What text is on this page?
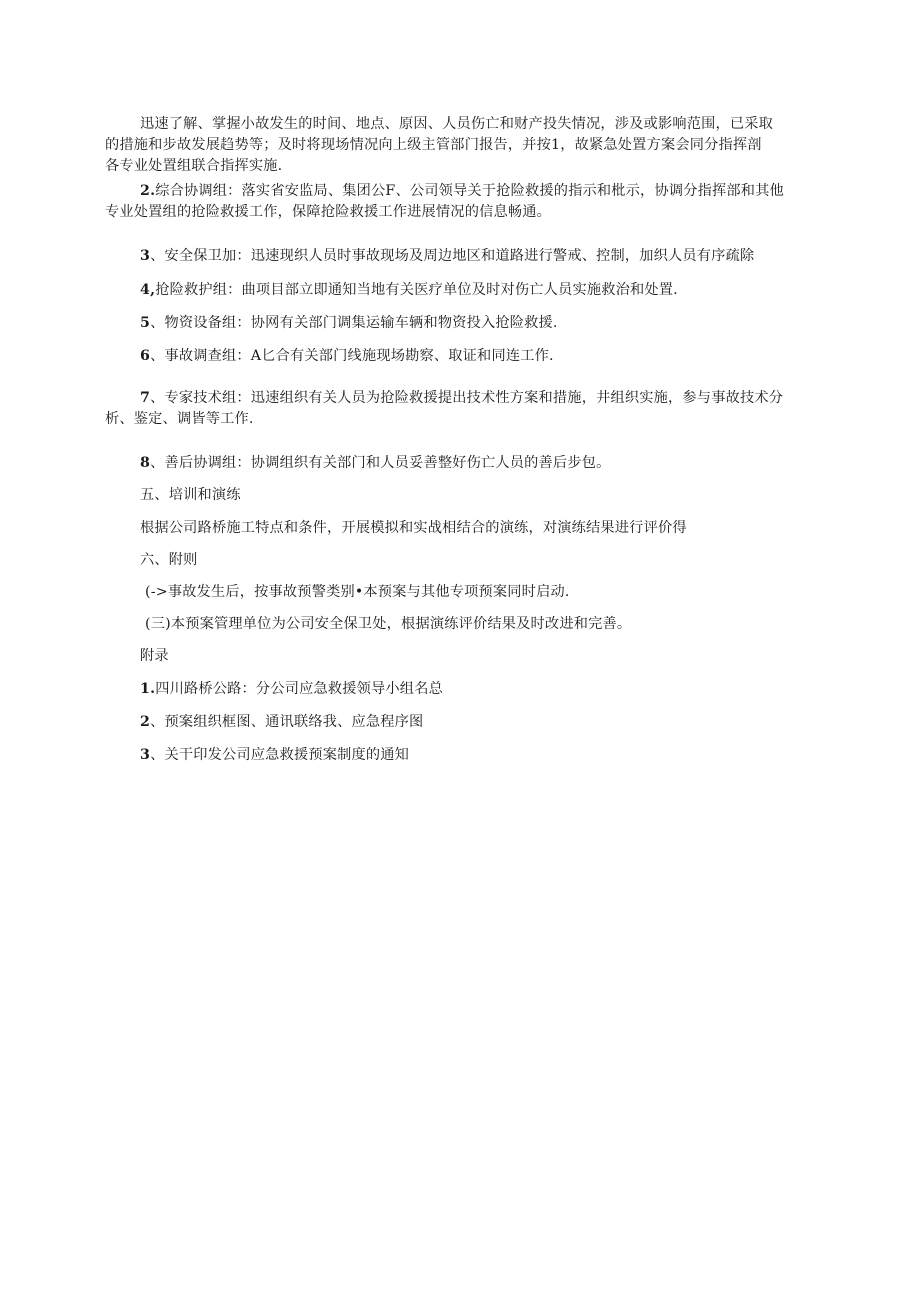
迅速了解、掌握小故发生的时间、地点、原因、人员伤亡和财产投失情况，涉及或影响范围，已采取
的措施和步故发展趋势等；及时将现场情况向上级主管部门报告，并按1，故紧急处置方案会同分指挥剖
各专业处置组联合指挥实施.
2.综合协调组：落实省安监局、集团公F、公司领导关于抢险救援的指示和枇示，协调分指挥部和其他
专业处置组的抢险救援工作，保障抢险救援工作进展情况的信息畅通。
3、安全保卫加：迅速现织人员时事故现场及周边地区和道路进行警戒、控制，加织人员有序疏除
4,抢险救护组：曲项目部立即通知当地有关医疗单位及时对伤亡人员实施救治和处置.
5、物资设备组：协网有关部门调集运输车辆和物资投入抢险救援.
6、事故调查组：A匕合有关部门线施现场勘察、取证和同连工作.
7、专家技术组：迅速组织有关人员为抢险救援提出技术性方案和措施，井组织实施，参与事故技术分
析、鉴定、调皆等工作.
8、善后协调组：协调组织有关部门和人员妥善整好伤亡人员的善后步包。
五、培训和演练
根据公司路桥施工特点和条件，开展模拟和实战相结合的演练，对演练结果进行评价得
六、附则
(->事故发生后，按事故预警类别•本预案与其他专项预案同时启动.
(三)本预案管理单位为公司安全保卫处，根据演练评价结果及时改进和完善。
附录
1.四川路桥公路：分公司应急救援领导小组名总
2、预案组织框图、通讯联络我、应急程序图
3、关干印发公司应急救援预案制度的通知
